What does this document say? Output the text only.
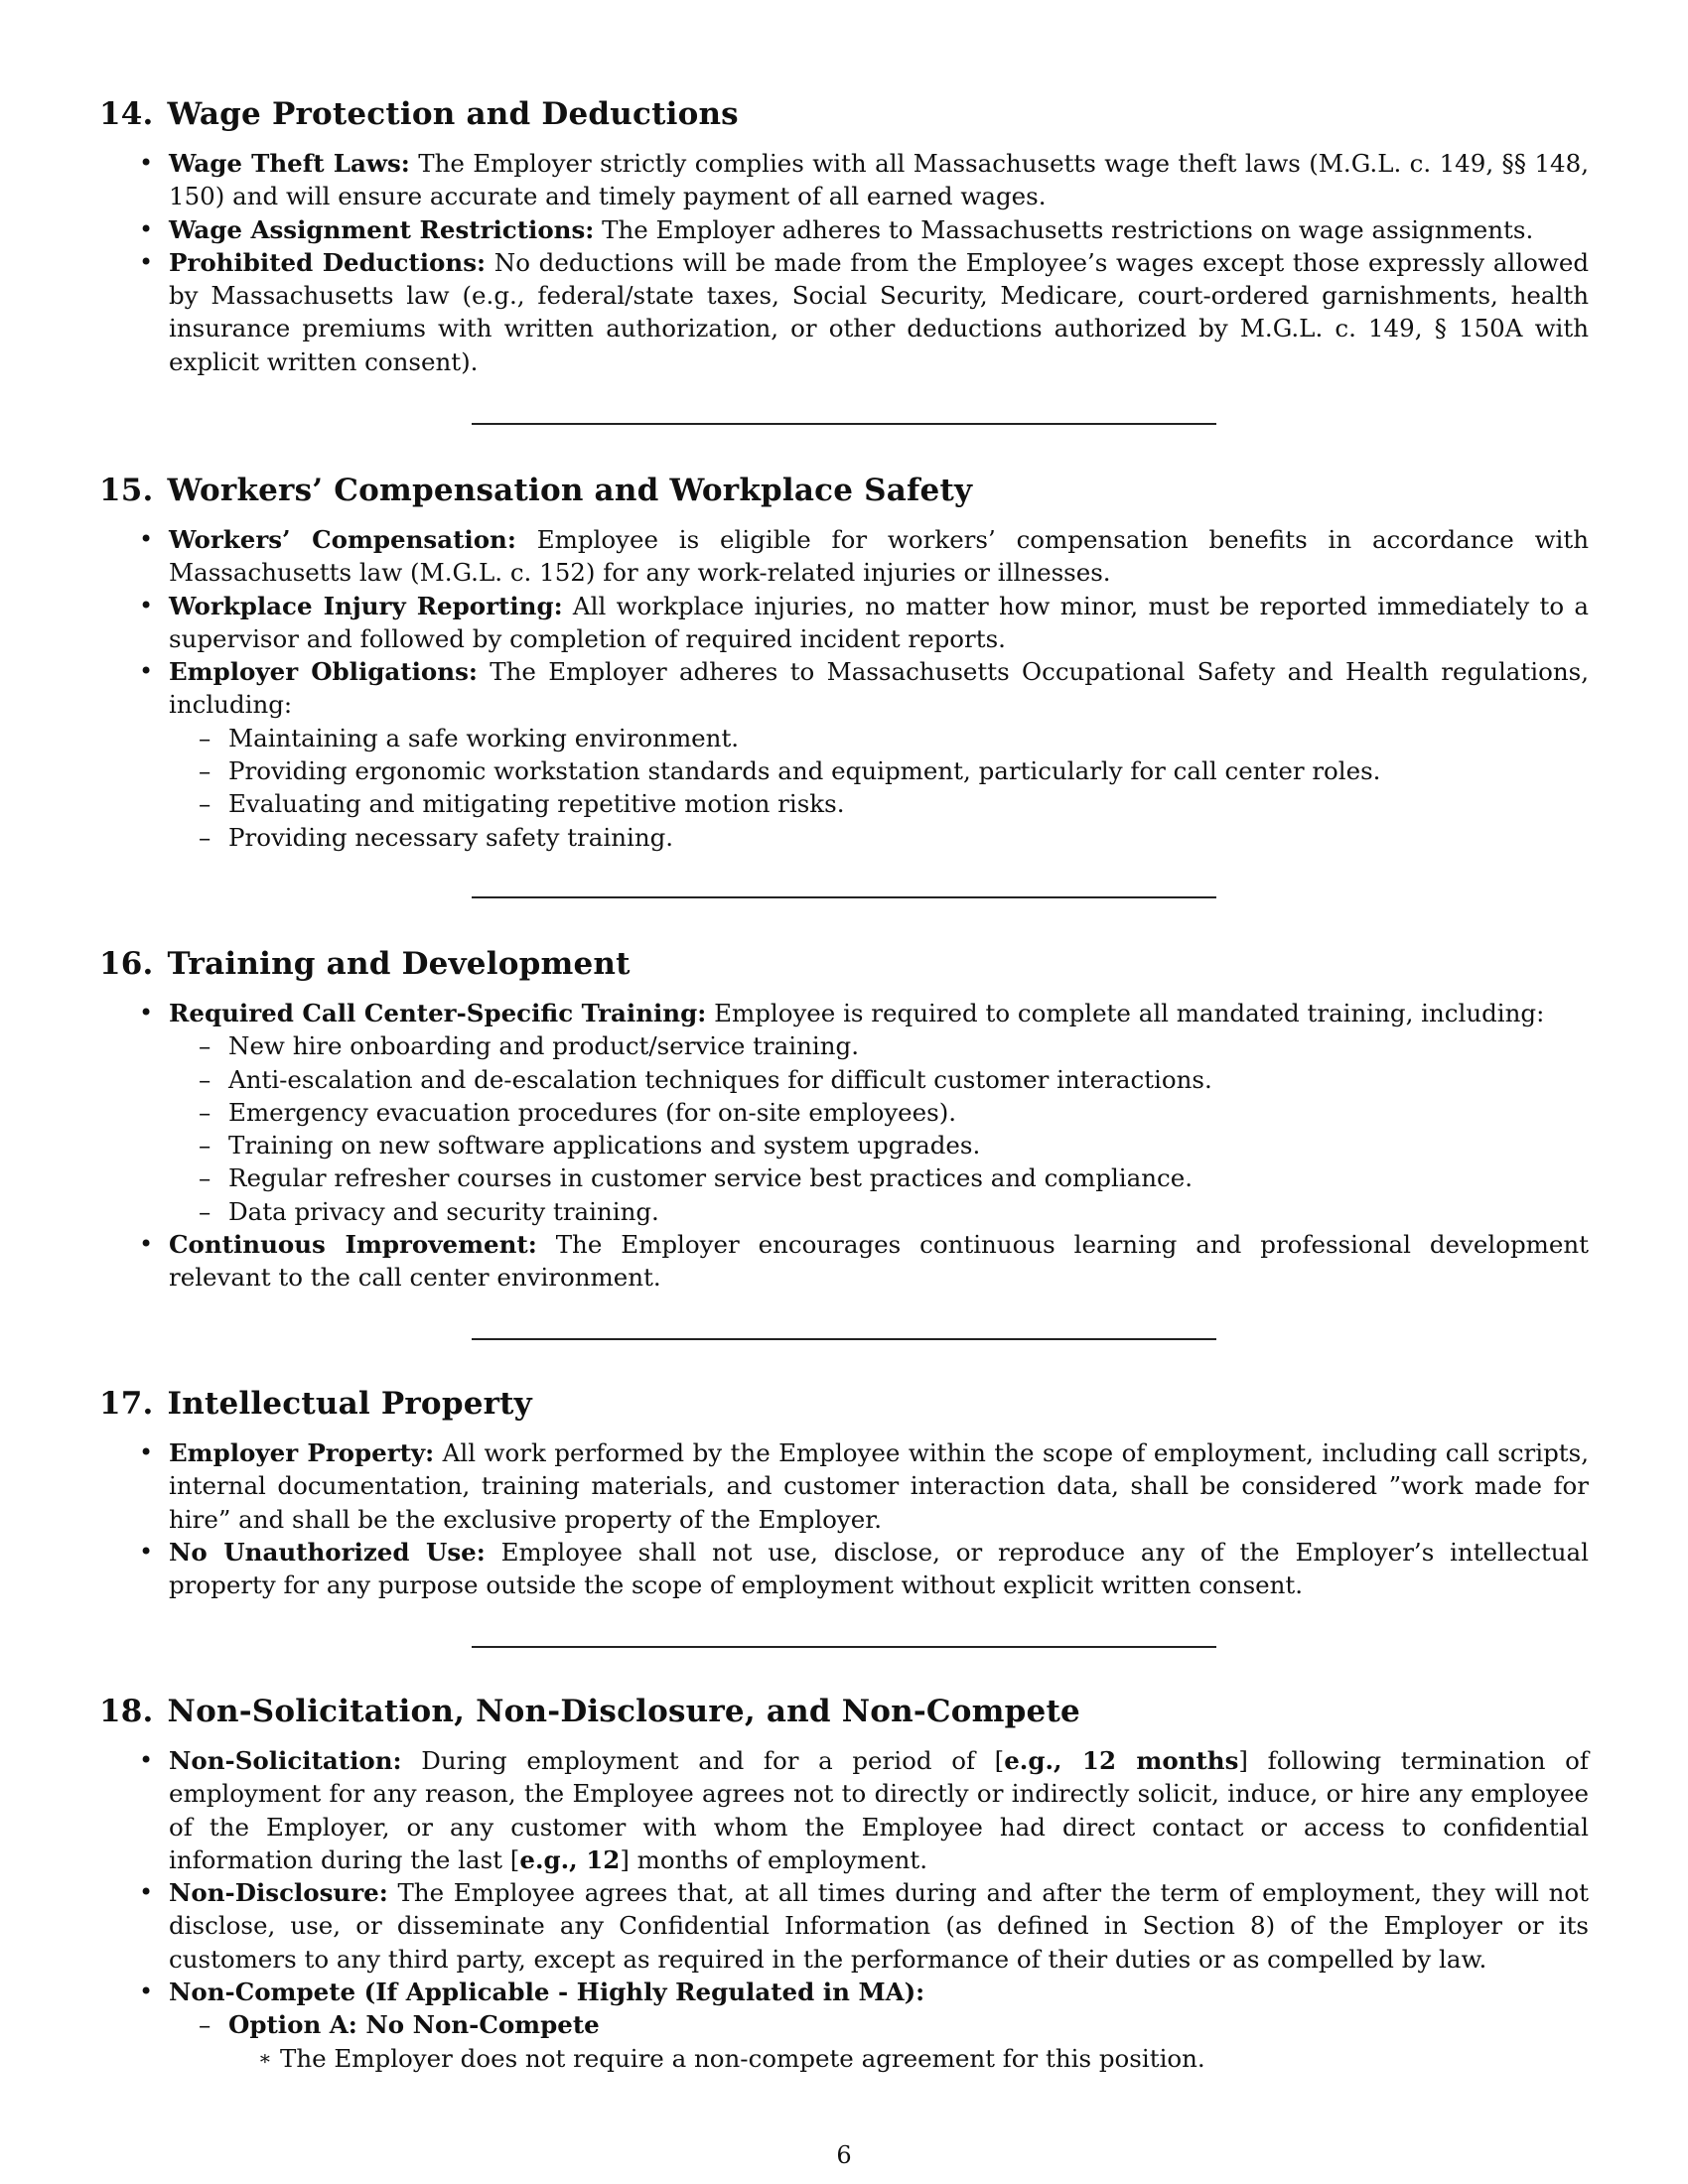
14. Wage Protection and Deductions
• Wage Theft Laws: The Employer strictly complies with all Massachusetts wage theft laws (M.G.L. c. 149, §§ 148, 150) and will ensure accurate and timely payment of all earned wages.
• Wage Assignment Restrictions: The Employer adheres to Massachusetts restrictions on wage assignments.
• Prohibited Deductions: No deductions will be made from the Employee’s wages except those expressly allowed by Massachusetts law (e.g., federal/state taxes, Social Security, Medicare, court-ordered garnishments, health insurance premiums with written authorization, or other deductions authorized by M.G.L. c. 149, § 150A with explicit written consent).
15. Workers’ Compensation and Workplace Safety
• Workers’ Compensation: Employee is eligible for workers’ compensation benefits in accordance with Massachusetts law (M.G.L. c. 152) for any work-related injuries or illnesses.
• Workplace Injury Reporting: All workplace injuries, no matter how minor, must be reported immediately to a supervisor and followed by completion of required incident reports.
• Employer Obligations: The Employer adheres to Massachusetts Occupational Safety and Health regulations, including:
– Maintaining a safe working environment.
– Providing ergonomic workstation standards and equipment, particularly for call center roles.
– Evaluating and mitigating repetitive motion risks.
– Providing necessary safety training.
16. Training and Development
• Required Call Center-Specific Training: Employee is required to complete all mandated training, including:
– New hire onboarding and product/service training.
– Anti-escalation and de-escalation techniques for difficult customer interactions.
– Emergency evacuation procedures (for on-site employees).
– Training on new software applications and system upgrades.
– Regular refresher courses in customer service best practices and compliance.
– Data privacy and security training.
• Continuous Improvement: The Employer encourages continuous learning and professional development relevant to the call center environment.
17. Intellectual Property
• Employer Property: All work performed by the Employee within the scope of employment, including call scripts, internal documentation, training materials, and customer interaction data, shall be considered ”work made for hire” and shall be the exclusive property of the Employer.
• No Unauthorized Use: Employee shall not use, disclose, or reproduce any of the Employer’s intellectual property for any purpose outside the scope of employment without explicit written consent.
18. Non-Solicitation, Non-Disclosure, and Non-Compete
• Non-Solicitation: During employment and for a period of [e.g., 12 months] following termination of employment for any reason, the Employee agrees not to directly or indirectly solicit, induce, or hire any employee of the Employer, or any customer with whom the Employee had direct contact or access to confidential information during the last [e.g., 12] months of employment.
• Non-Disclosure: The Employee agrees that, at all times during and after the term of employment, they will not disclose, use, or disseminate any Confidential Information (as defined in Section 8) of the Employer or its customers to any third party, except as required in the performance of their duties or as compelled by law.
• Non-Compete (If Applicable - Highly Regulated in MA):
– Option A: No Non-Compete
∗ The Employer does not require a non-compete agreement for this position.
6
